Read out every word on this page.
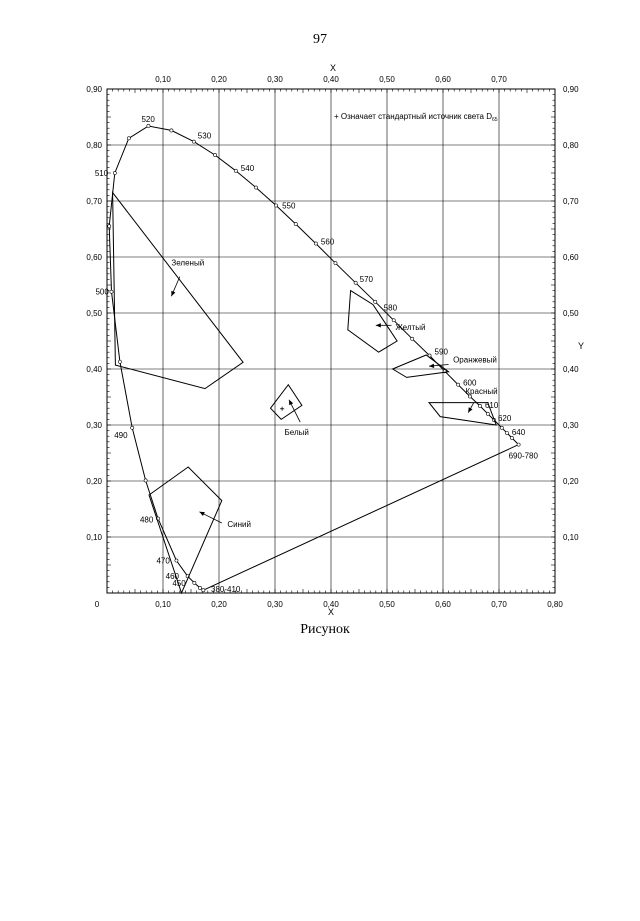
97
0	0,10	0,20	0,30	0,40	0,50	0,60	0,70	0,80
0,10	0,20	0,30	0,40	0,50	0,60	0,70
0,10	0,10
0,20	0,20
0,30	0,30
0,40	0,40
0,50	0,50
0,60	0,60
0,70	0,70
0,80	0,80
0,90	0,90
380-410
450
460
470
480
490
500
510
520
530
540
550
560
570
580
590
600
610
620
640
690-780
Зеленый
Синий
Белый
Желтый
Оранжевый
Красный
X
X
Y
+ Означает стандартный источник света $D_{65}$
Рисунок
